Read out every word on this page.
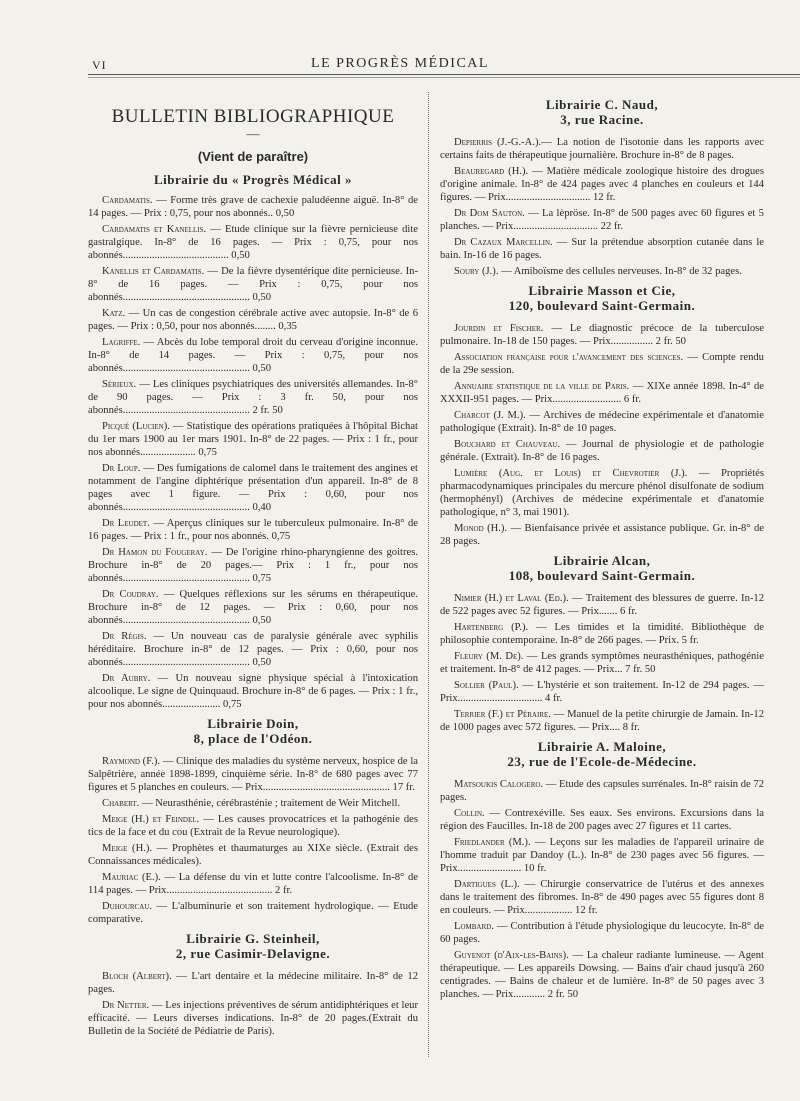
VI	LE PROGRÈS MÉDICAL
BULLETIN BIBLIOGRAPHIQUE
—
(Vient de paraître)
Librairie du « Progrès Médical »
Cardamatis. — Forme très grave de cachexie paludéenne aiguë. In-8° de 14 pages. — Prix : 0,75, pour nos abonnés.. 0,50
Cardamatis et Kanellis. — Etude clinique sur la fièvre pernicieuse dite gastralgique. In-8° de 16 pages. — Prix : 0,75, pour nos abonnés........................................ 0,50
Kanellis et Cardamatis. — De la fièvre dysentérique dite pernicieuse. In-8° de 16 pages. — Prix : 0,75, pour nos abonnés................................................ 0,50
Katz. — Un cas de congestion cérébrale active avec autopsie. In-8° de 6 pages. — Prix : 0,50, pour nos abonnés........ 0,35
Lagriffe. — Abcès du lobe temporal droit du cerveau d'origine inconnue. In-8° de 14 pages. — Prix : 0,75, pour nos abonnés................................................ 0,50
Sérieux. — Les cliniques psychiatriques des universités allemandes. In-8° de 90 pages. — Prix : 3 fr. 50, pour nos abonnés................................................ 2 fr. 50
Picqué (Lucien). — Statistique des opérations pratiquées à l'hôpital Bichat du 1er mars 1900 au 1er mars 1901. In-8° de 22 pages. — Prix : 1 fr., pour nos abonnés..................... 0,75
Dr Loup. — Des fumigations de calomel dans le traitement des angines et notamment de l'angine diphtérique présentation d'un appareil. In-8° de 8 pages avec 1 figure. — Prix : 0,60, pour nos abonnés................................................ 0,40
Dr Leudet. — Aperçus cliniques sur le tuberculeux pulmonaire. In-8° de 16 pages. — Prix : 1 fr., pour nos abonnés. 0,75
Dr Hamon du Fougeray. — De l'origine rhino-pharyngienne des goitres. Brochure in-8° de 20 pages.— Prix : 1 fr., pour nos abonnés................................................ 0,75
Dr Coudray. — Quelques réflexions sur les sérums en thérapeutique. Brochure in-8° de 12 pages. — Prix : 0,60, pour nos abonnés................................................ 0,50
Dr Régis. — Un nouveau cas de paralysie générale avec syphilis héréditaire. Brochure in-8° de 12 pages. — Prix : 0,60, pour nos abonnés................................................ 0,50
Dr Aubry. — Un nouveau signe physique spécial à l'intoxication alcoolique. Le signe de Quinquaud. Brochure in-8° de 6 pages. — Prix : 1 fr., pour nos abonnés...................... 0,75
Librairie Doin,
8, place de l'Odéon.
Raymond (F.). — Clinique des maladies du système nerveux, hospice de la Salpêtrière, année 1898-1899, cinquième série. In-8° de 680 pages avec 77 figures et 5 planches en couleurs. — Prix................................................ 17 fr.
Chabert. — Neurasthénie, cérébrasténie ; traitement de Weir Mitchell.
Meige (H.) et Feindel. — Les causes provocatrices et la pathogénie des tics de la face et du cou (Extrait de la Revue neurologique).
Meige (H.). — Prophètes et thaumaturges au XIXe siècle. (Extrait des Connaissances médicales).
Mauriac (E.). — La défense du vin et lutte contre l'alcoolisme. In-8° de 114 pages. — Prix........................................ 2 fr.
Duhourcau. — L'albuminurie et son traitement hydrologique. — Etude comparative.
Librairie G. Steinheil,
2, rue Casimir-Delavigne.
Bloch (Albert). — L'art dentaire et la médecine militaire. In-8° de 12 pages.
Dr Netter. — Les injections préventives de sérum antidiphtériques et leur efficacité. — Leurs diverses indications. In-8° de 20 pages.(Extrait du Bulletin de la Société de Pédiatrie de Paris).
Librairie C. Naud,
3, rue Racine.
Depierris (J.-G.-A.).— La notion de l'isotonie dans les rapports avec certains faits de thérapeutique journalière. Brochure in-8° de 8 pages.
Beauregard (H.). — Matière médicale zoologique histoire des drogues d'origine animale. In-8° de 424 pages avec 4 planches en couleurs et 144 figures. — Prix................................ 12 fr.
Dr Dom Sauton. — La lèpröse. In-8° de 500 pages avec 60 figures et 5 planches. — Prix................................ 22 fr.
Dr Cazaux Marcellin. — Sur la prétendue absorption cutanée dans le bain. In-16 de 16 pages.
Soury (J.). — Amiboïsme des cellules nerveuses. In-8° de 32 pages.
Librairie Masson et Cie,
120, boulevard Saint-Germain.
Jourdin et Fischer. — Le diagnostic précoce de la tuberculose pulmonaire. In-18 de 150 pages. — Prix................ 2 fr. 50
Association française pour l'avancement des sciences. — Compte rendu de la 29e session.
Annuaire statistique de la ville de Paris. — XIXe année 1898. In-4° de XXXII-951 pages. — Prix.......................... 6 fr.
Charcot (J. M.). — Archives de médecine expérimentale et d'anatomie pathologique (Extrait). In-8° de 10 pages.
Bouchard et Chauveau. — Journal de physiologie et de pathologie générale. (Extrait). In-8° de 16 pages.
Lumière (Aug. et Louis) et Chevrotier (J.). — Propriétés pharmacodynamiques principales du mercure phénol disulfonate de sodium (hermophényl) (Archives de médecine expérimentale et d'anatomie pathologique, n° 3, mai 1901).
Monod (H.). — Bienfaisance privée et assistance publique. Gr. in-8° de 28 pages.
Librairie Alcan,
108, boulevard Saint-Germain.
Nimier (H.) et Laval (Ed.). — Traitement des blessures de guerre. In-12 de 522 pages avec 52 figures. — Prix....... 6 fr.
Hartenberg (P.). — Les timides et la timidité. Bibliothèque de philosophie contemporaine. In-8° de 266 pages. — Prix. 5 fr.
Fleury (M. De). — Les grands symptômes neurasthéniques, pathogénie et traitement. In-8° de 412 pages. — Prix... 7 fr. 50
Sollier (Paul). — L'hystérie et son traitement. In-12 de 294 pages. — Prix................................ 4 fr.
Terrier (F.) et Péraire. — Manuel de la petite chirurgie de Jamain. In-12 de 1000 pages avec 572 figures. — Prix.... 8 fr.
Librairie A. Maloine,
23, rue de l'Ecole-de-Médecine.
Matsoukis Calogero. — Etude des capsules surrénales. In-8° raisin de 72 pages.
Collin. — Contrexéville. Ses eaux. Ses environs. Excursions dans la région des Faucilles. In-18 de 200 pages avec 27 figures et 11 cartes.
Friedlander (M.). — Leçons sur les maladies de l'appareil urinaire de l'homme traduit par Dandoy (L.). In-8° de 230 pages avec 56 figures. — Prix........................ 10 fr.
Dartigues (L.). — Chirurgie conservatrice de l'utérus et des annexes dans le traitement des fibromes. In-8° de 490 pages avec 55 figures dont 8 en couleurs. — Prix.................. 12 fr.
Lombard. — Contribution à l'étude physiologique du leucocyte. In-8° de 60 pages.
Guyenot (d'Aix-les-Bains). — La chaleur radiante lumineuse. — Agent thérapeutique. — Les appareils Dowsing. — Bains d'air chaud jusqu'à 260 centigrades. — Bains de chaleur et de lumière. In-8° de 50 pages avec 3 planches. — Prix............ 2 fr. 50
